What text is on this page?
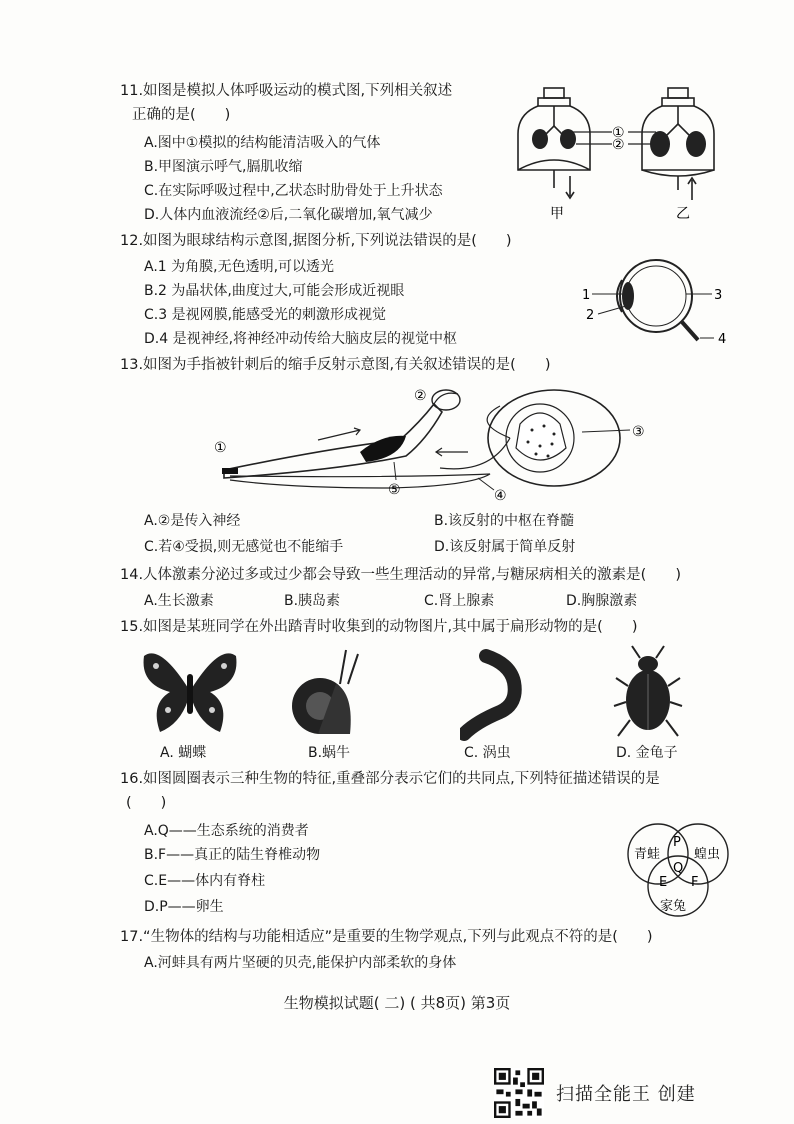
11.如图是模拟人体呼吸运动的模式图,下列相关叙述
正确的是(　　)
A.图中①模拟的结构能清洁吸入的气体
B.甲图演示呼气,膈肌收缩
C.在实际呼吸过程中,乙状态时肋骨处于上升状态
D.人体内血液流经②后,二氧化碳增加,氧气减少
①
②
甲	乙
12.如图为眼球结构示意图,据图分析,下列说法错误的是(　　)
A.1 为角膜,无色透明,可以透光
B.2 为晶状体,曲度过大,可能会形成近视眼
C.3 是视网膜,能感受光的刺激形成视觉
D.4 是视神经,将神经冲动传给大脑皮层的视觉中枢
1
2
3
4
13.如图为手指被针刺后的缩手反射示意图,有关叙述错误的是(　　)
①
②
③
④
⑤
A.②是传入神经	B.该反射的中枢在脊髓
C.若④受损,则无感觉也不能缩手	D.该反射属于简单反射
14.人体激素分泌过多或过少都会导致一些生理活动的异常,与糖尿病相关的激素是(　　)
A.生长激素	B.胰岛素	C.肾上腺素	D.胸腺激素
15.如图是某班同学在外出踏青时收集到的动物图片,其中属于扁形动物的是(　　)
A. 蝴蝶	B.蜗牛	C. 涡虫	D. 金龟子
16.如图圆圈表示三种生物的特征,重叠部分表示它们的共同点,下列特征描述错误的是
(　　)
A.Q——生态系统的消费者
B.F——真正的陆生脊椎动物
C.E——体内有脊柱
D.P——卵生
青蛙	蝗虫
家兔
P
Q
E F
17.“生物体的结构与功能相适应”是重要的生物学观点,下列与此观点不符的是(　　)
A.河蚌具有两片坚硬的贝壳,能保护内部柔软的身体
生物模拟试题( 二) ( 共8页) 第3页
扫描全能王 创建
